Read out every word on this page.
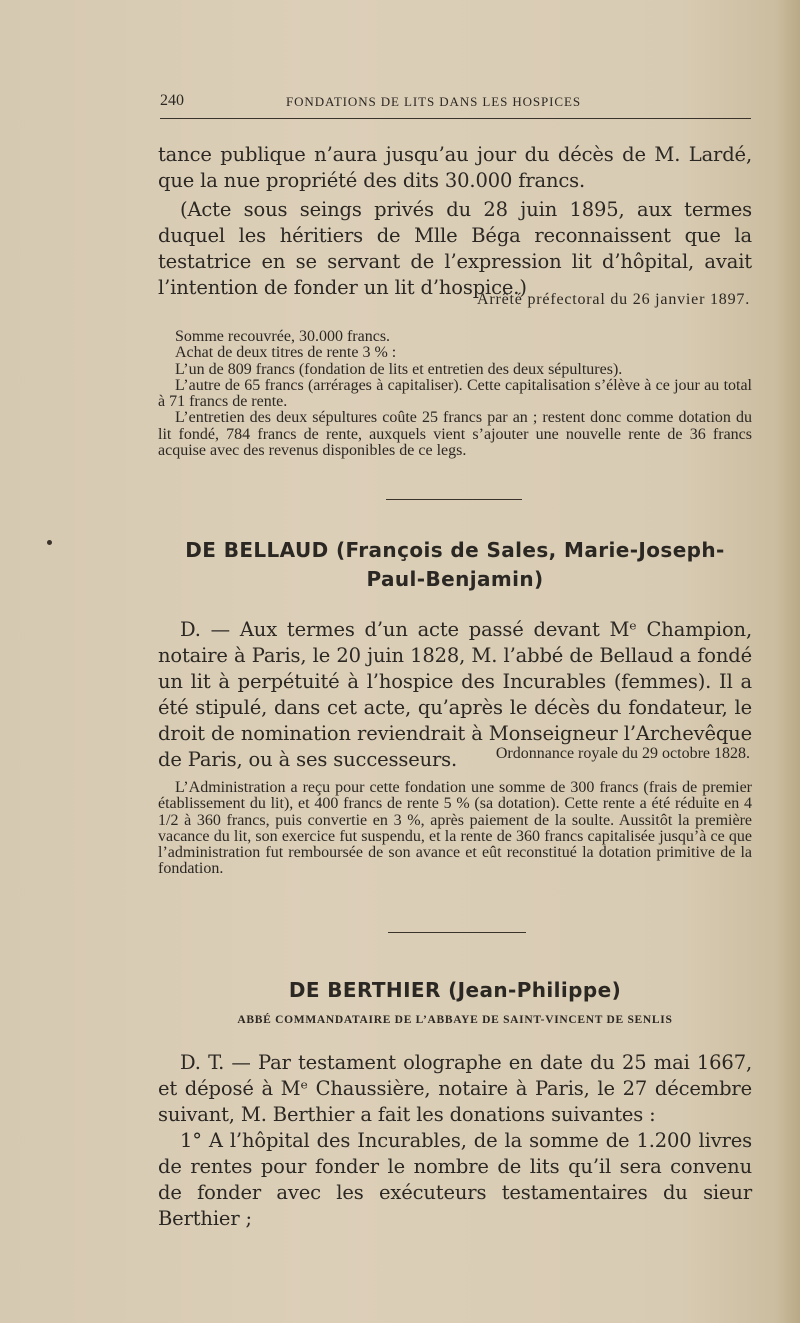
240	FONDATIONS DE LITS DANS LES HOSPICES

tance publique n’aura jusqu’au jour du décès de M. Lardé, que la nue propriété des dits 30.000 francs.

(Acte sous seings privés du 28 juin 1895, aux termes duquel les héritiers de Mlle Béga reconnaissent que la testatrice en se servant de l’expression lit d’hôpital, avait l’intention de fonder un lit d’hospice.)

Arrêté préfectoral du 26 janvier 1897.

Somme recouvrée, 30.000 francs.

Achat de deux titres de rente 3 % :

L’un de 809 francs (fondation de lits et entretien des deux sépultures).

L’autre de 65 francs (arrérages à capitaliser). Cette capitalisation s’élève à ce jour au total à 71 francs de rente.

L’entretien des deux sépultures coûte 25 francs par an ; restent donc comme dotation du lit fondé, 784 francs de rente, auxquels vient s’ajouter une nouvelle rente de 36 francs acquise avec des revenus disponibles de ce legs.

DE BELLAUD (François de Sales, Marie-Joseph-
Paul-Benjamin)

D. — Aux termes d’un acte passé devant Mᵉ Champion, notaire à Paris, le 20 juin 1828, M. l’abbé de Bellaud a fondé un lit à perpétuité à l’hospice des Incurables (femmes). Il a été stipulé, dans cet acte, qu’après le décès du fondateur, le droit de nomination reviendrait à Monseigneur l’Archevêque de Paris, ou à ses successeurs.	Ordonnance royale du 29 octobre 1828.

L’Administration a reçu pour cette fondation une somme de 300 francs (frais de premier établissement du lit), et 400 francs de rente 5 % (sa dotation). Cette rente a été réduite en 4 1/2 à 360 francs, puis convertie en 3 %, après paiement de la soulte. Aussitôt la première vacance du lit, son exercice fut suspendu, et la rente de 360 francs capitalisée jusqu’à ce que l’administration fut remboursée de son avance et eût reconstitué la dotation primitive de la fondation.

DE BERTHIER (Jean-Philippe)
ABBÉ COMMANDATAIRE DE L’ABBAYE DE SAINT-VINCENT DE SENLIS

D. T. — Par testament olographe en date du 25 mai 1667, et déposé à Mᵉ Chaussière, notaire à Paris, le 27 décembre suivant, M. Berthier a fait les donations suivantes :

1° A l’hôpital des Incurables, de la somme de 1.200 livres de rentes pour fonder le nombre de lits qu’il sera convenu de fonder avec les exécuteurs testamentaires du sieur Berthier ;
